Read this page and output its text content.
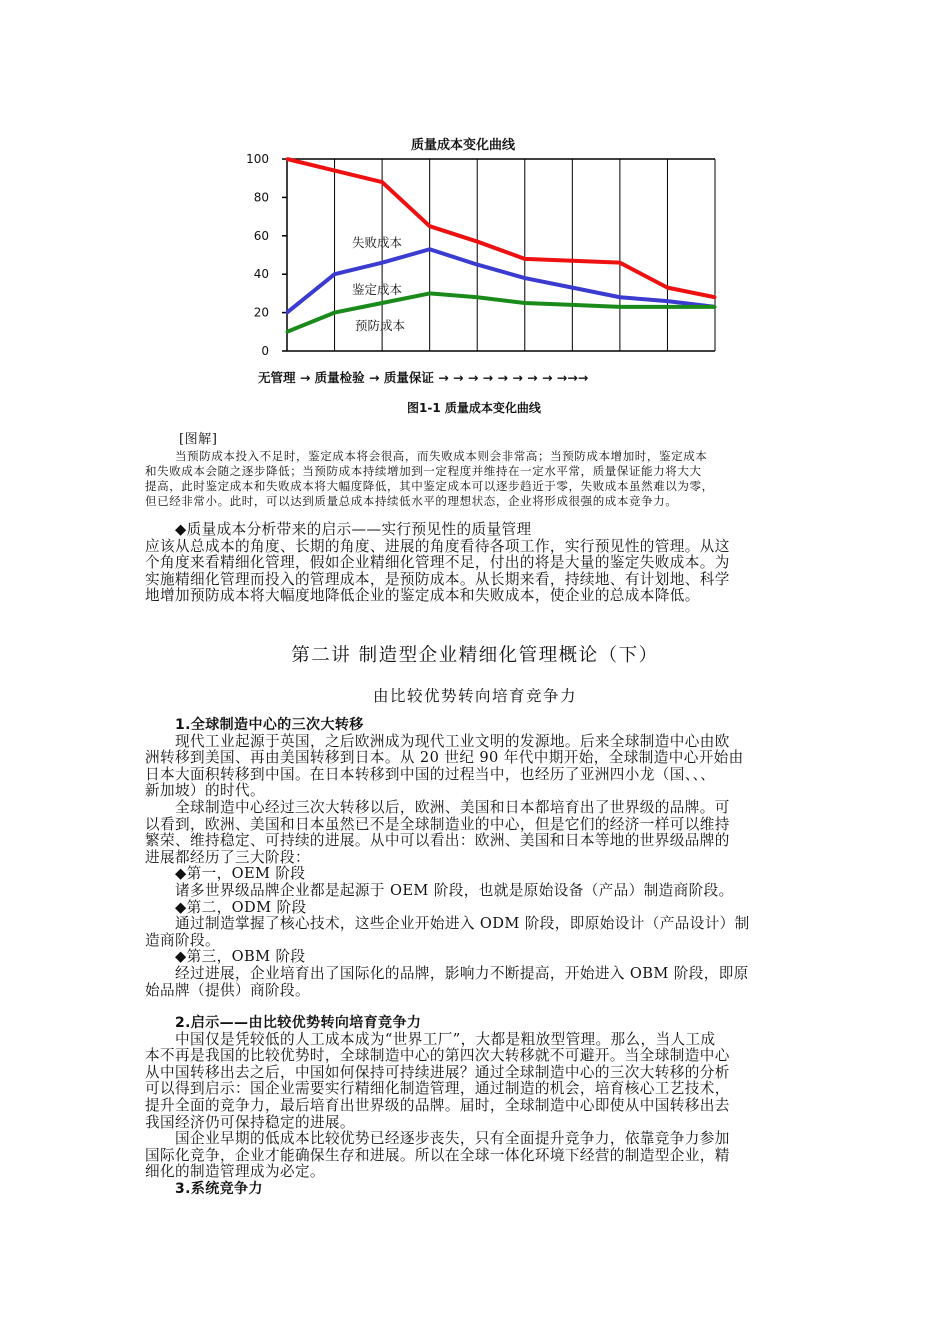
0
20
40
60
80
100
质量成本变化曲线
失败成本
鉴定成本
预防成本
无管理 → 质量检验 → 质量保证 → → → → → → → → →→→
图1-1 质量成本变化曲线
[图解]

当预防成本投入不足时，鉴定成本将会很高，而失败成本则会非常高；当预防成本增加时，鉴定成本

和失败成本会随之逐步降低；当预防成本持续增加到一定程度并维持在一定水平常，质量保证能力将大大

提高，此时鉴定成本和失败成本将大幅度降低，其中鉴定成本可以逐步趋近于零，失败成本虽然难以为零，

但已经非常小。此时，可以达到质量总成本持续低水平的理想状态，企业将形成很强的成本竞争力。

◆质量成本分析带来的启示——实行预见性的质量管理

应该从总成本的角度、长期的角度、进展的角度看待各项工作，实行预见性的管理。从这

个角度来看精细化管理，假如企业精细化管理不足，付出的将是大量的鉴定失败成本。为

实施精细化管理而投入的管理成本，是预防成本。从长期来看，持续地、有计划地、科学

地增加预防成本将大幅度地降低企业的鉴定成本和失败成本，使企业的总成本降低。

第二讲 制造型企业精细化管理概论（下）
由比较优势转向培育竞争力

1.全球制造中心的三次大转移

现代工业起源于英国，之后欧洲成为现代工业文明的发源地。后来全球制造中心由欧

洲转移到美国、再由美国转移到日本。从 20 世纪 90 年代中期开始，全球制造中心开始由

日本大面积转移到中国。在日本转移到中国的过程当中，也经历了亚洲四小龙（国、、、

新加坡）的时代。

全球制造中心经过三次大转移以后，欧洲、美国和日本都培育出了世界级的品牌。可

以看到，欧洲、美国和日本虽然已不是全球制造业的中心，但是它们的经济一样可以维持

繁荣、维持稳定、可持续的进展。从中可以看出：欧洲、美国和日本等地的世界级品牌的

进展都经历了三大阶段：

◆第一，OEM 阶段

诸多世界级品牌企业都是起源于 OEM 阶段，也就是原始设备（产品）制造商阶段。

◆第二，ODM 阶段

通过制造掌握了核心技术，这些企业开始进入 ODM 阶段，即原始设计（产品设计）制

造商阶段。

◆第三，OBM 阶段

经过进展，企业培育出了国际化的品牌，影响力不断提高，开始进入 OBM 阶段，即原

始品牌（提供）商阶段。

2.启示——由比较优势转向培育竞争力

中国仅是凭较低的人工成本成为“世界工厂”，大都是粗放型管理。那么，当人工成

本不再是我国的比较优势时，全球制造中心的第四次大转移就不可避开。当全球制造中心

从中国转移出去之后，中国如何保持可持续进展？通过全球制造中心的三次大转移的分析

可以得到启示：国企业需要实行精细化制造管理，通过制造的机会，培育核心工艺技术，

提升全面的竞争力，最后培育出世界级的品牌。届时，全球制造中心即使从中国转移出去

我国经济仍可保持稳定的进展。

国企业早期的低成本比较优势已经逐步丧失，只有全面提升竞争力，依靠竞争力参加

国际化竞争，企业才能确保生存和进展。所以在全球一体化环境下经营的制造型企业，精

细化的制造管理成为必定。

3.系统竞争力
